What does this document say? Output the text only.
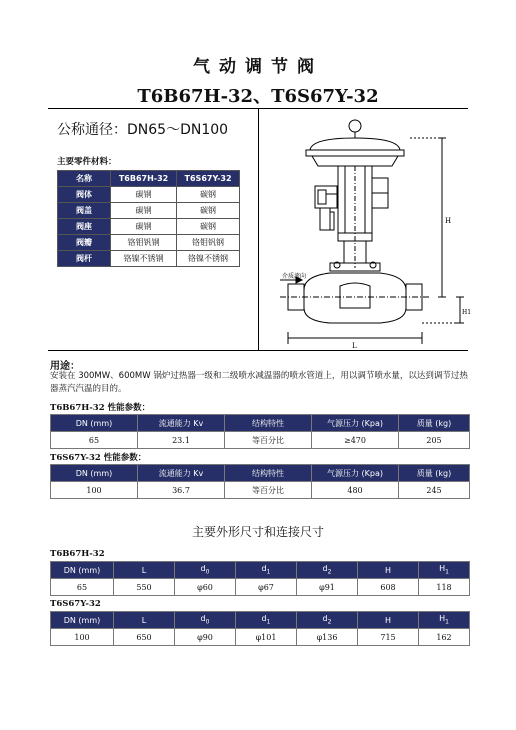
气动调节阀
T6B67H-32、T6S67Y-32
公称通径：DN65～DN100
主要零件材料：
名称	T6B67H-32	T6S67Y-32
阀体	碳钢	碳钢
阀盖	碳钢	碳钢
阀座	碳钢	碳钢
阀瓣	铬钼钒钢	铬钼钒钢
阀杆	铬镍不锈钢	铬镍不锈钢
介质流向
H
H1
L
用途：
安装在 300MW、600MW 锅炉过热器一级和二级喷水减温器的喷水管道上，用以调节喷水量，以达到调节过热器蒸汽汽温的目的。
T6B67H-32 性能参数：
DN (mm)	流通能力 Kv	结构特性	气源压力 (Kpa)	质量 (kg)
65	23.1	等百分比	≥470	205
T6S67Y-32 性能参数：
DN (mm)	流通能力 Kv	结构特性	气源压力 (Kpa)	质量 (kg)
100	36.7	等百分比	480	245
主要外形尺寸和连接尺寸
T6B67H-32
DN (mm)	L	$d_0$	$d_1$	$d_2$	H	$H_1$
65	550	φ60	φ67	φ91	608	118
T6S67Y-32
DN (mm)	L	$d_0$	$d_1$	$d_2$	H	$H_1$
100	650	φ90	φ101	φ136	715	162
